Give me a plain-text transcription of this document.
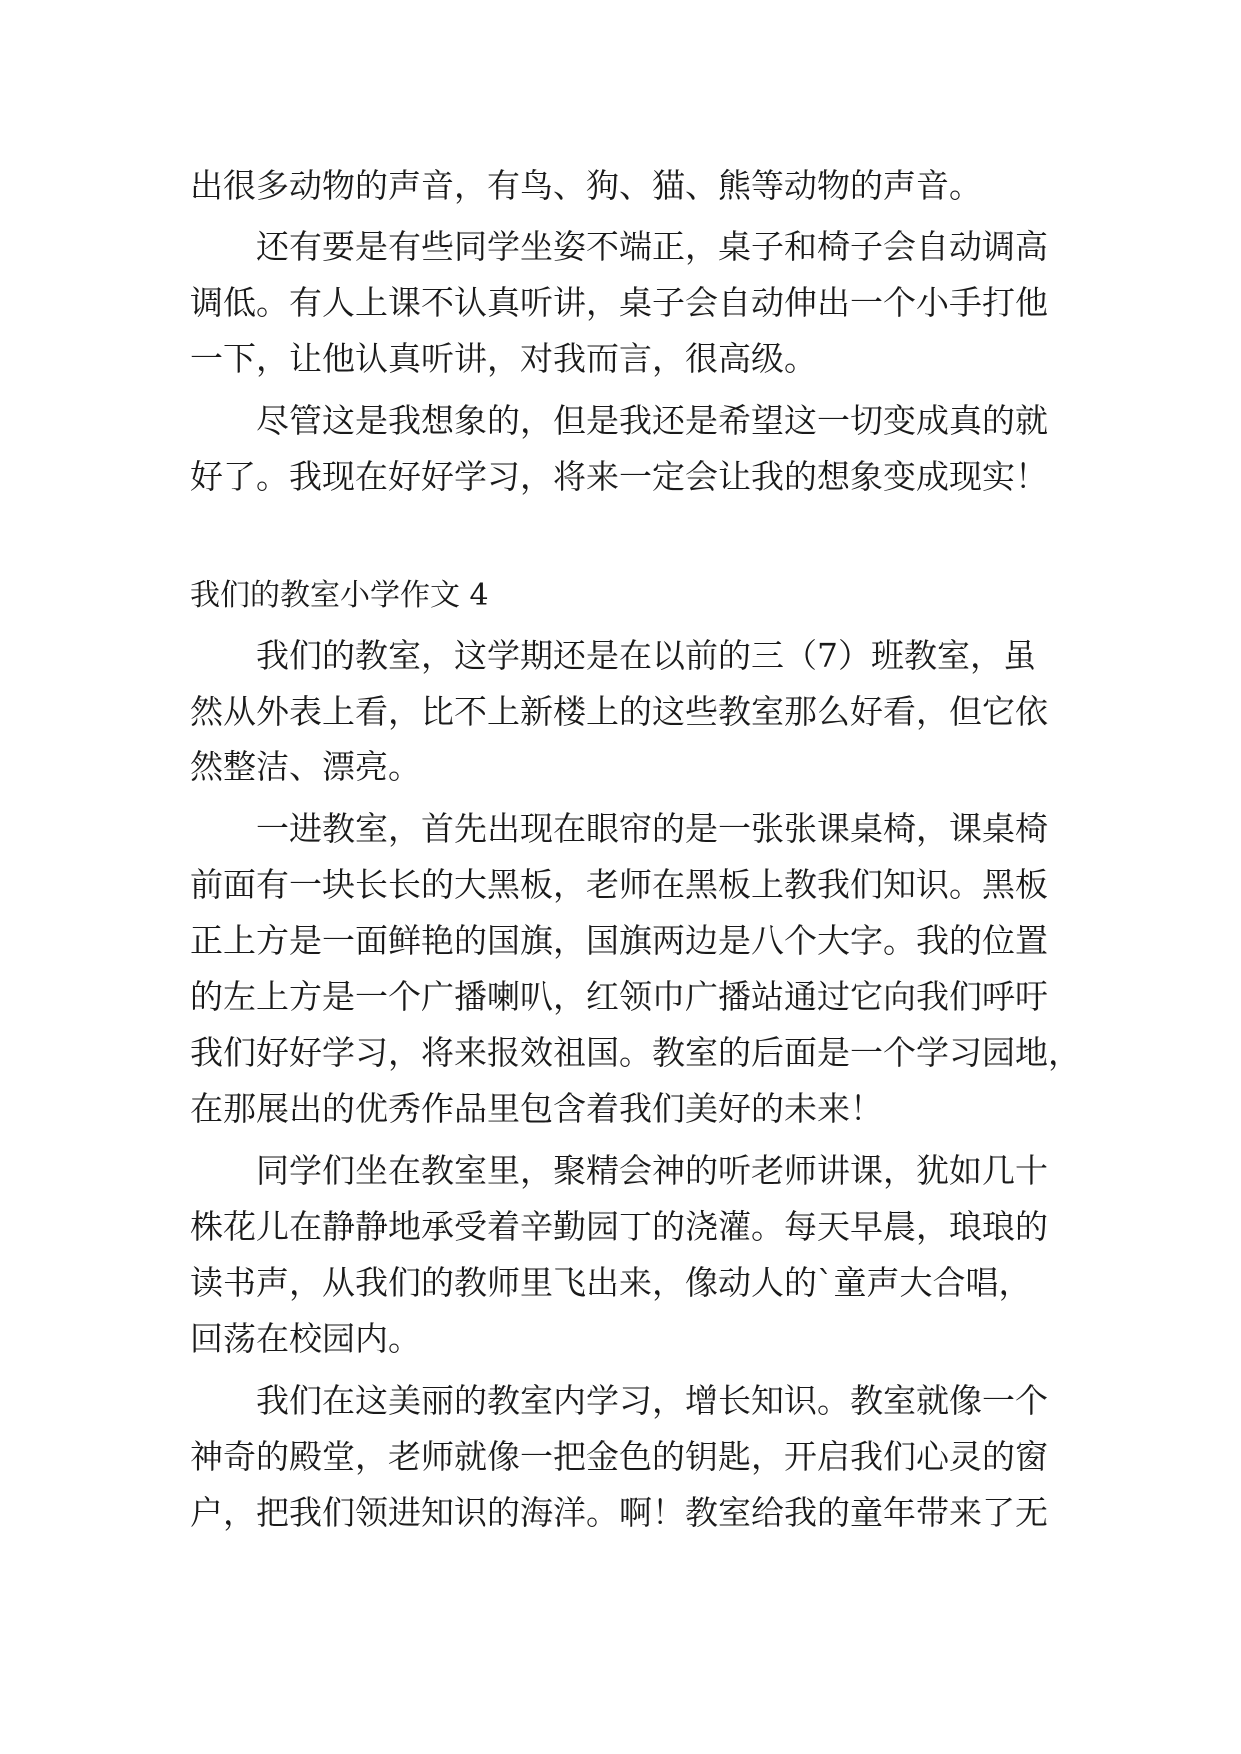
出很多动物的声音，有鸟、狗、猫、熊等动物的声音。
还有要是有些同学坐姿不端正，桌子和椅子会自动调高
调低。有人上课不认真听讲，桌子会自动伸出一个小手打他
一下，让他认真听讲，对我而言，很高级。
尽管这是我想象的，但是我还是希望这一切变成真的就
好了。我现在好好学习，将来一定会让我的想象变成现实！
我们的教室小学作文 4
我们的教室，这学期还是在以前的三（7）班教室，虽
然从外表上看，比不上新楼上的这些教室那么好看，但它依
然整洁、漂亮。
一进教室，首先出现在眼帘的是一张张课桌椅，课桌椅
前面有一块长长的大黑板，老师在黑板上教我们知识。黑板
正上方是一面鲜艳的国旗，国旗两边是八个大字。我的位置
的左上方是一个广播喇叭，红领巾广播站通过它向我们呼吁
我们好好学习，将来报效祖国。教室的后面是一个学习园地，
在那展出的优秀作品里包含着我们美好的未来！
同学们坐在教室里，聚精会神的听老师讲课，犹如几十
株花儿在静静地承受着辛勤园丁的浇灌。每天早晨，琅琅的
读书声，从我们的教师里飞出来，像动人的`童声大合唱，
回荡在校园内。
我们在这美丽的教室内学习，增长知识。教室就像一个
神奇的殿堂，老师就像一把金色的钥匙，开启我们心灵的窗
户，把我们领进知识的海洋。啊！教室给我的童年带来了无
